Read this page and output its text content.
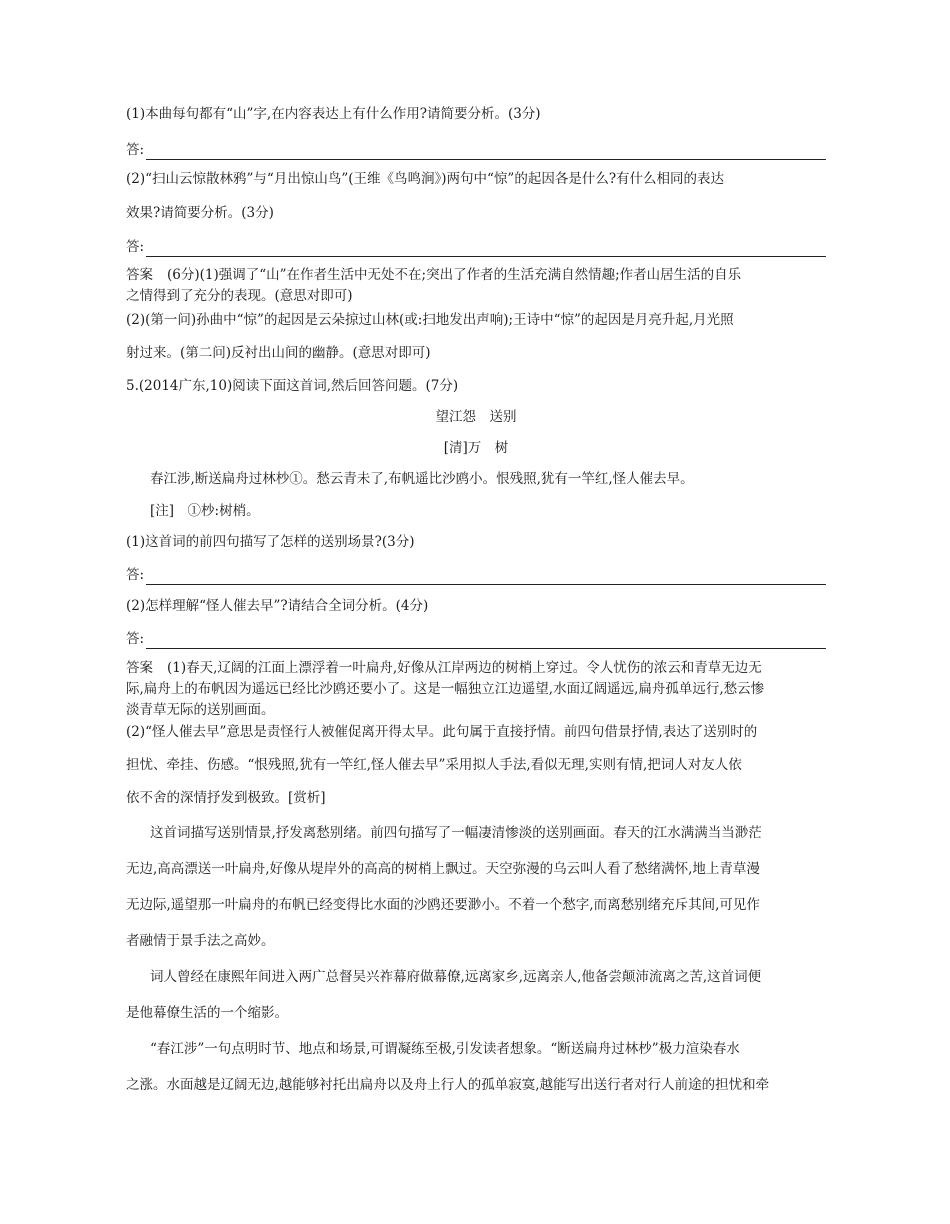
(1)本曲每句都有“山”字,在内容表达上有什么作用?请简要分析。(3分)
答:
(2)“扫山云惊散林鸦”与“月出惊山鸟”(王维《鸟鸣涧》)两句中“惊”的起因各是什么?有什么相同的表达
效果?请简要分析。(3分)
答:
答案 (6分)(1)强调了“山”在作者生活中无处不在;突出了作者的生活充满自然情趣;作者山居生活的自乐
之情得到了充分的表现。(意思对即可)
(2)(第一问)孙曲中“惊”的起因是云朵掠过山林(或:扫地发出声响);王诗中“惊”的起因是月亮升起,月光照
射过来。(第二问)反衬出山间的幽静。(意思对即可)
5.(2014广东,10)阅读下面这首词,然后回答问题。(7分)
望江怨　送别
[清]万　树
春江涉,断送扁舟过林杪①。愁云青未了,布帆遥比沙鸥小。恨残照,犹有一竿红,怪人催去早。
[注]　①杪:树梢。
(1)这首词的前四句描写了怎样的送别场景?(3分)
答:
(2)怎样理解“怪人催去早”?请结合全词分析。(4分)
答:
答案 (1)春天,辽阔的江面上漂浮着一叶扁舟,好像从江岸两边的树梢上穿过。令人忧伤的浓云和青草无边无
际,扁舟上的布帆因为遥远已经比沙鸥还要小了。这是一幅独立江边遥望,水面辽阔遥远,扁舟孤单远行,愁云惨
淡青草无际的送别画面。
(2)“怪人催去早”意思是责怪行人被催促离开得太早。此句属于直接抒情。前四句借景抒情,表达了送别时的
担忧、牵挂、伤感。“恨残照,犹有一竿红,怪人催去早”采用拟人手法,看似无理,实则有情,把词人对友人依
依不舍的深情抒发到极致。[赏析]
这首词描写送别情景,抒发离愁别绪。前四句描写了一幅凄清惨淡的送别画面。春天的江水满满当当渺茫
无边,高高漂送一叶扁舟,好像从堤岸外的高高的树梢上飘过。天空弥漫的乌云叫人看了愁绪满怀,地上青草漫
无边际,遥望那一叶扁舟的布帆已经变得比水面的沙鸥还要渺小。不着一个愁字,而离愁别绪充斥其间,可见作
者融情于景手法之高妙。
词人曾经在康熙年间进入两广总督吴兴祚幕府做幕僚,远离家乡,远离亲人,他备尝颠沛流离之苦,这首词便
是他幕僚生活的一个缩影。
“春江涉”一句点明时节、地点和场景,可谓凝练至极,引发读者想象。“断送扁舟过林杪”极力渲染春水
之涨。水面越是辽阔无边,越能够衬托出扁舟以及舟上行人的孤单寂寞,越能写出送行者对行人前途的担忧和牵
